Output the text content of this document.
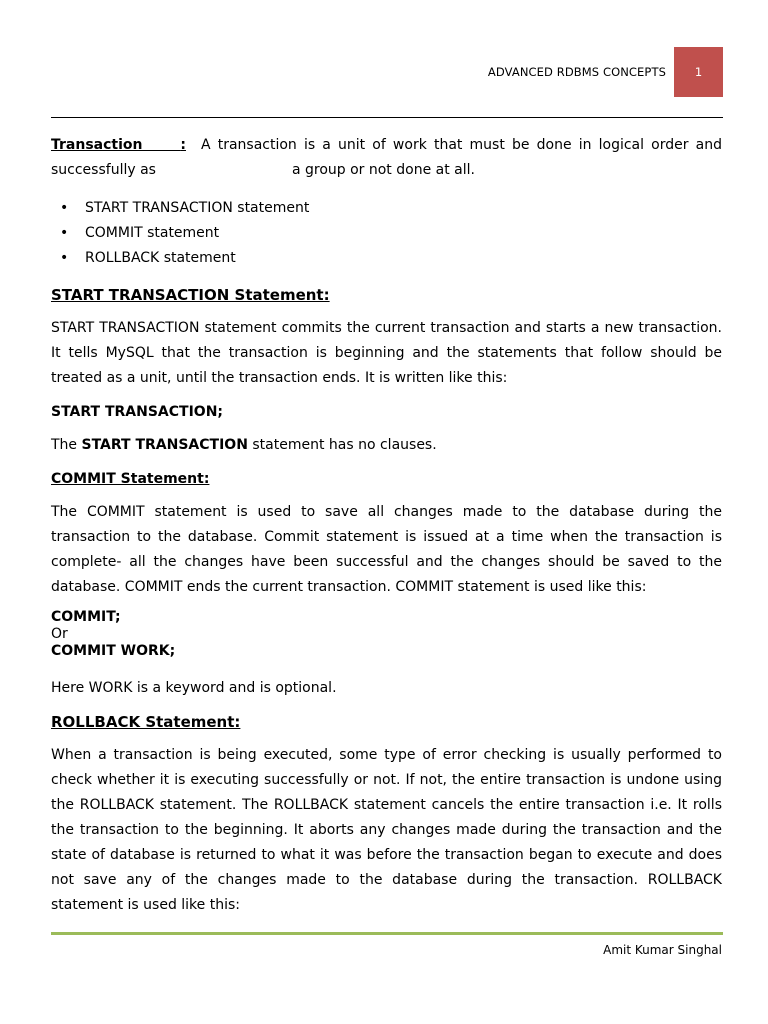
ADVANCED RDBMS CONCEPTS	1

Transaction	: A transaction is a unit of work that must be done in logical order and successfully as	a group or not done at all.

• START TRANSACTION statement
• COMMIT statement
• ROLLBACK statement
START TRANSACTION Statement:

START TRANSACTION statement commits the current transaction and starts a new transaction. It tells MySQL that the transaction is beginning and the statements that follow should be treated as a unit, until the transaction ends. It is written like this:

START TRANSACTION;

The START TRANSACTION statement has no clauses.

COMMIT Statement:

The COMMIT statement is used to save all changes made to the database during the transaction to the database. Commit statement is issued at a time when the transaction is complete- all the changes have been successful and the changes should be saved to the database. COMMIT ends the current transaction. COMMIT statement is used like this:

COMMIT;
Or
COMMIT WORK;

Here WORK is a keyword and is optional.

ROLLBACK Statement:

When a transaction is being executed, some type of error checking is usually performed to check whether it is executing successfully or not. If not, the entire transaction is undone using the ROLLBACK statement. The ROLLBACK statement cancels the entire transaction i.e. It rolls the transaction to the beginning. It aborts any changes made during the transaction and the state of database is returned to what it was before the transaction began to execute and does not save any of the changes made to the database during the transaction. ROLLBACK statement is used like this:

Amit Kumar Singhal
